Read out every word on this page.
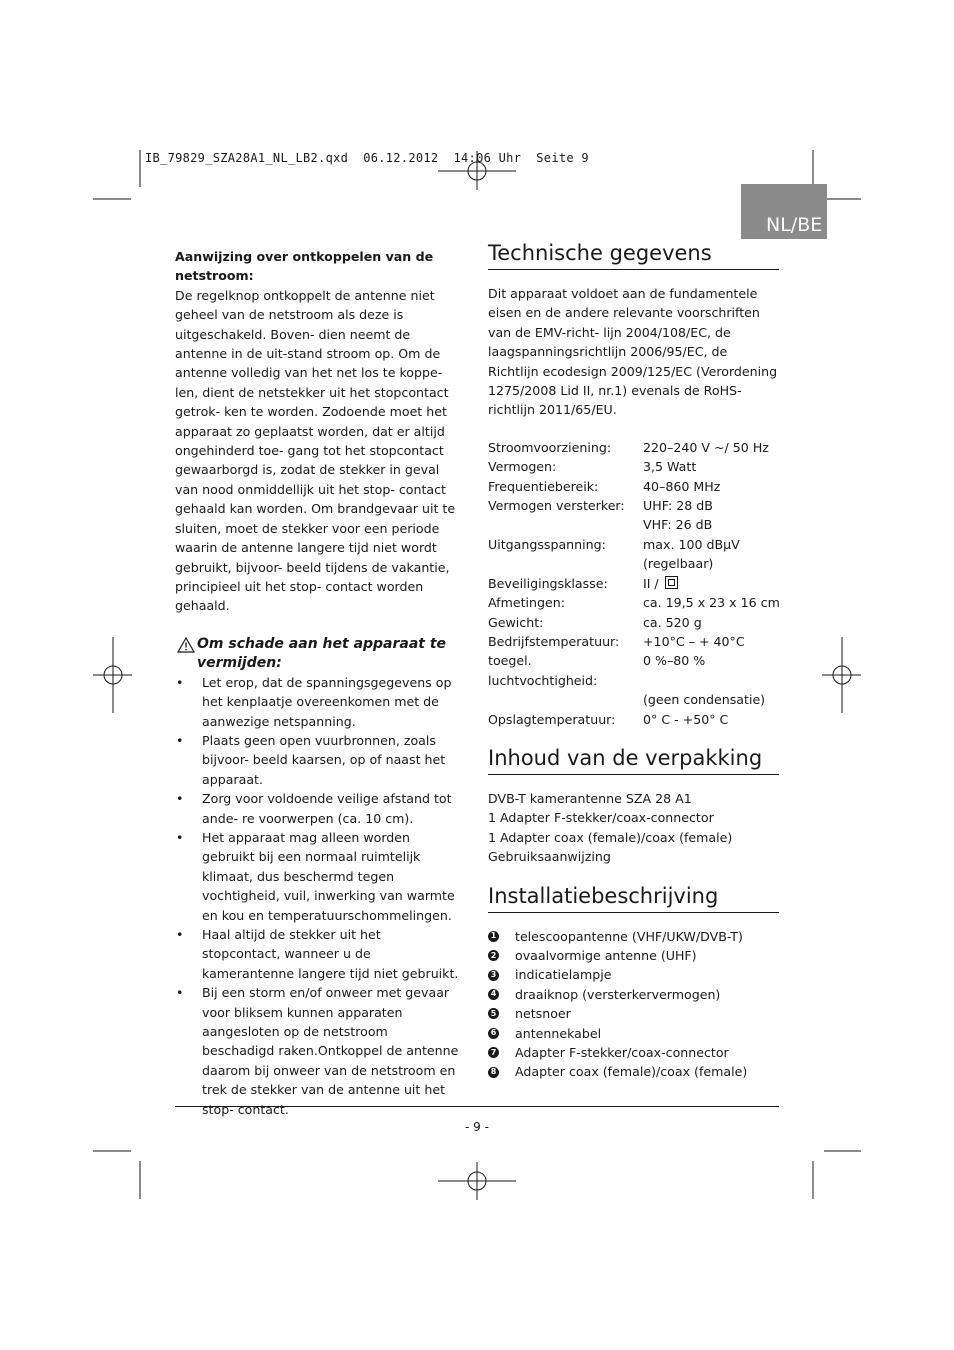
IB_79829_SZA28A1_NL_LB2.qxd  06.12.2012  14:06 Uhr  Seite 9
NL/BE
Aanwijzing over ontkoppelen van de netstroom:
De regelknop ontkoppelt de antenne niet geheel van de netstroom als deze is uitgeschakeld. Boven- dien neemt de antenne in de uit-stand stroom op. Om de antenne volledig van het net los te koppe- len, dient de netstekker uit het stopcontact getrok- ken te worden. Zodoende moet het apparaat zo geplaatst worden, dat er altijd ongehinderd toe- gang tot het stopcontact gewaarborgd is, zodat de stekker in geval van nood onmiddellijk uit het stop- contact gehaald kan worden. Om brandgevaar uit te sluiten, moet de stekker voor een periode waarin de antenne langere tijd niet wordt gebruikt, bijvoor- beeld tijdens de vakantie, principieel uit het stop- contact worden gehaald.
Om schade aan het apparaat te vermijden:
• Let erop, dat de spanningsgegevens op het kenplaatje overeenkomen met de aanwezige netspanning.
• Plaats geen open vuurbronnen, zoals bijvoor- beeld kaarsen, op of naast het apparaat.
• Zorg voor voldoende veilige afstand tot ande- re voorwerpen (ca. 10 cm).
• Het apparaat mag alleen worden gebruikt bij een normaal ruimtelijk klimaat, dus beschermd tegen vochtigheid, vuil, inwerking van warmte en kou en temperatuurschommelingen.
• Haal altijd de stekker uit het stopcontact, wanneer u de kamerantenne langere tijd niet gebruikt.
• Bij een storm en/of onweer met gevaar voor bliksem kunnen apparaten aangesloten op de netstroom beschadigd raken.Ontkoppel de antenne daarom bij onweer van de netstroom en trek de stekker van de antenne uit het stop- contact.
Technische gegevens
Dit apparaat voldoet aan de fundamentele eisen en de andere relevante voorschriften van de EMV-richt- lijn 2004/108/EC, de laagspanningsrichtlijn 2006/95/EC, de Richtlijn ecodesign 2009/125/EC (Verordening 1275/2008 Lid II, nr.1) evenals de RoHS-richtlijn 2011/65/EU.
Stroomvoorziening:	220–240 V ~/ 50 Hz
Vermogen:	3,5 Watt
Frequentiebereik:	40–860 MHz
Vermogen versterker:	UHF: 28 dB
VHF: 26 dB
Uitgangsspanning:	max. 100 dBµV
(regelbaar)
Beveiligingsklasse:	II /
Afmetingen:	ca. 19,5 x 23 x 16 cm
Gewicht:	ca. 520 g
Bedrijfstemperatuur:	+10°C – + 40°C
toegel. luchtvochtigheid:
0 %–80 %
(geen condensatie)
Opslagtemperatuur:	0° C - +50° C
Inhoud van de verpakking
DVB-T kamerantenne SZA 28 A1
1 Adapter F-stekker/coax-connector
1 Adapter coax (female)/coax (female)
Gebruiksaanwijzing
Installatiebeschrijving
1 telescoopantenne (VHF/UKW/DVB-T)
2 ovaalvormige antenne (UHF)
3 indicatielampje
4 draaiknop (versterkervermogen)
5 netsnoer
6 antennekabel
7 Adapter F-stekker/coax-connector
8 Adapter coax (female)/coax (female)
- 9 -
